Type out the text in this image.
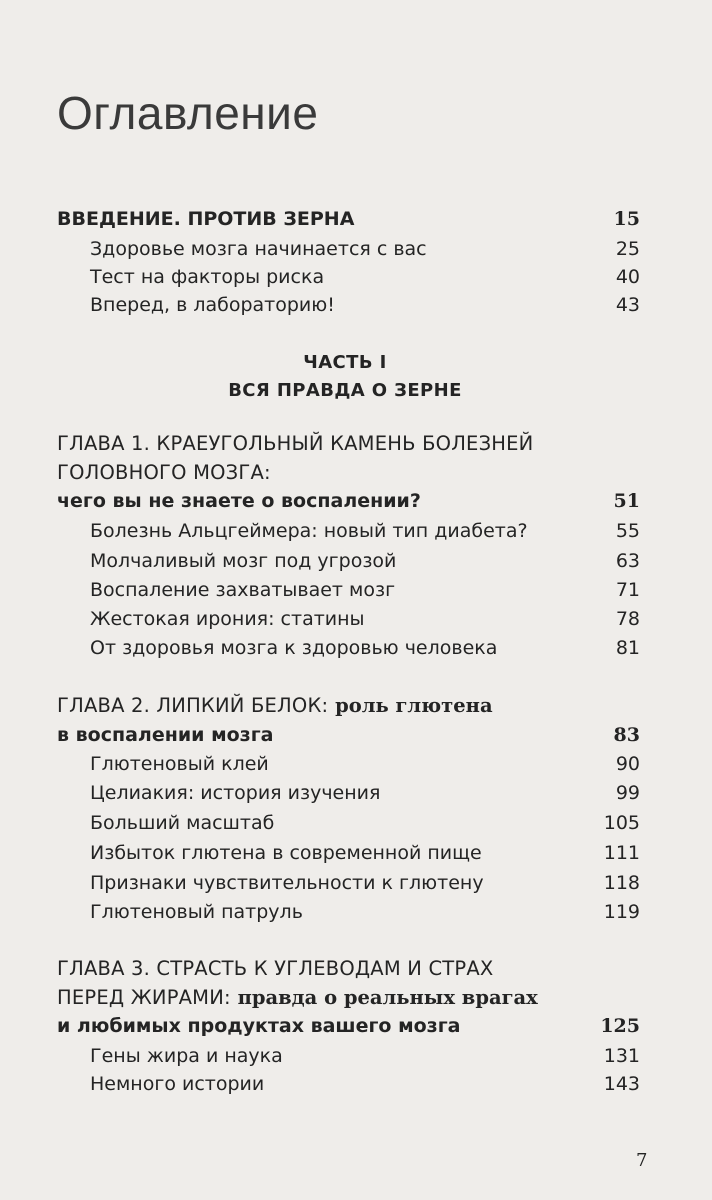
Оглавление
ВВЕДЕНИЕ. ПРОТИВ ЗЕРНА	15
Здоровье мозга начинается с вас	25
Тест на факторы риска	40
Вперед, в лабораторию!	43
ЧАСТЬ I
ВСЯ ПРАВДА О ЗЕРНЕ
ГЛАВА 1. КРАЕУГОЛЬНЫЙ КАМЕНЬ БОЛЕЗНЕЙ
ГОЛОВНОГО МОЗГА:
чего вы не знаете о воспалении?	51
Болезнь Альцгеймера: новый тип диабета?	55
Молчаливый мозг под угрозой	63
Воспаление захватывает мозг	71
Жестокая ирония: статины	78
От здоровья мозга к здоровью человека	81
ГЛАВА 2. ЛИПКИЙ БЕЛОК: роль глютена
в воспалении мозга	83
Глютеновый клей	90
Целиакия: история изучения	99
Больший масштаб	105
Избыток глютена в современной пище	111
Признаки чувствительности к глютену	118
Глютеновый патруль	119
ГЛАВА 3. СТРАСТЬ К УГЛЕВОДАМ И СТРАХ
ПЕРЕД ЖИРАМИ: правда о реальных врагах
и любимых продуктах вашего мозга	125
Гены жира и наука	131
Немного истории	143
7
